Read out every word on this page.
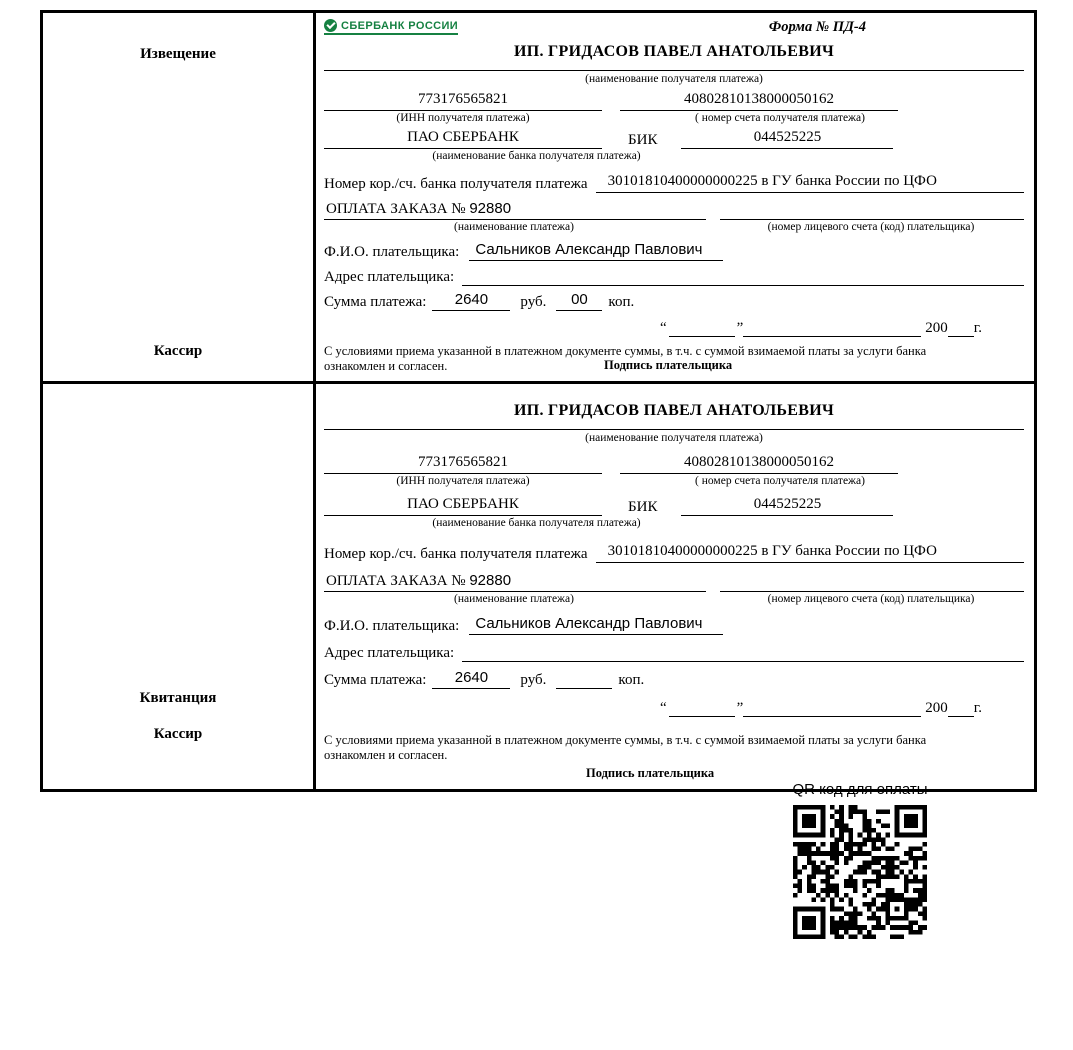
Извещение
Кассир
СБЕРБАНК РОССИИ	Форма № ПД-4
ИП. ГРИДАСОВ ПАВЕЛ АНАТОЛЬЕВИЧ
(наименование получателя платежа)
773176565821	40802810138000050162
(ИНН получателя платежа)	( номер счета получателя платежа)
ПАО СБЕРБАНК	БИК	044525225
(наименование банка получателя платежа)
Номер кор./сч. банка получателя платежа	30101810400000000225 в ГУ банка России по ЦФО
ОПЛАТА ЗАКАЗА № 92880
(наименование платежа)	(номер лицевого счета (код) плательщика)
Ф.И.О. плательщика:	Сальников Александр Павлович
Адрес плательщика:
Сумма платежа:	2640	руб.	00	коп.
“	”	200 г.
С условиями приема указанной в платежном документе суммы, в т.ч. с суммой взимаемой платы за услуги банка ознакомлен и согласен.	Подпись плательщика
Квитанция
Кассир
ИП. ГРИДАСОВ ПАВЕЛ АНАТОЛЬЕВИЧ
(наименование получателя платежа)
773176565821	40802810138000050162
(ИНН получателя платежа)	( номер счета получателя платежа)
ПАО СБЕРБАНК	БИК	044525225
(наименование банка получателя платежа)
Номер кор./сч. банка получателя платежа	30101810400000000225 в ГУ банка России по ЦФО
ОПЛАТА ЗАКАЗА № 92880
(наименование платежа)	(номер лицевого счета (код) плательщика)
Ф.И.О. плательщика:	Сальников Александр Павлович
Адрес плательщика:
Сумма платежа:	2640	руб.	коп.
“	”	200 г.
С условиями приема указанной в платежном документе суммы, в т.ч. с суммой взимаемой платы за услуги банка ознакомлен и согласен.
Подпись плательщика
QR код для оплаты
